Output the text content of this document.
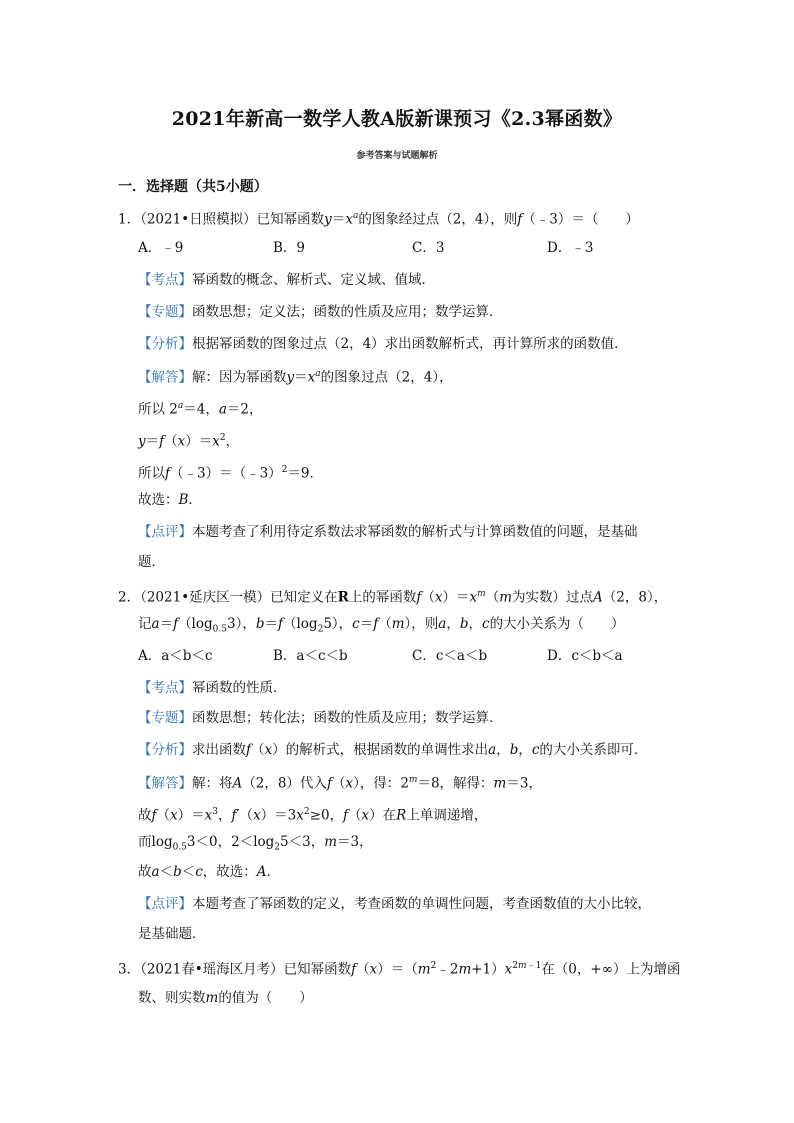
2021年新高一数学人教A版新课预习《2.3幂函数》
参考答案与试题解析
一．选择题（共5小题）
1．（2021•日照模拟）已知幂函数$y=x^a$的图象经过点（2，4），则f（﹣3）＝（　　）
A．﹣9	B．9	C．3	D．﹣3
【考点】幂函数的概念、解析式、定义域、值域．
【专题】函数思想；定义法；函数的性质及应用；数学运算．
【分析】根据幂函数的图象过点（2，4）求出函数解析式，再计算所求的函数值．
【解答】解：因为幂函数$y=x^a$的图象过点（2，4），
所以 $2^a=4$，a＝2，
$y=f(x)=x^2$，
所以f（﹣3）＝（﹣3）$^2$＝9．
故选：B．
【点评】本题考查了利用待定系数法求幂函数的解析式与计算函数值的问题，是基础
题．
2．（2021•延庆区一模）已知定义在R上的幂函数$f(x)=x^m(m$为实数）过点A（2，8），
记$a=f(\log_{0.5}3)$，$b=f(\log_25)$，c＝f（m），则a，b，c的大小关系为（　　）
A．a＜b＜c	B．a＜c＜b	C．c＜a＜b	D．c＜b＜a
【考点】幂函数的性质．
【专题】函数思想；转化法；函数的性质及应用；数学运算．
【分析】求出函数f（x）的解析式，根据函数的单调性求出a，b，c的大小关系即可．
【解答】解：将A（2，8）代入f（x），得：$2^m=8$，解得：m＝3，
故$f(x)=x^3$，$f'(x)=3x^2\ge 0$，f（x）在R上单调递增，
而$\log_{0.5}3<0$，$2<\log_25<3$，m＝3，
故a＜b＜c，故选：A．
【点评】本题考查了幂函数的定义，考查函数的单调性问题，考查函数值的大小比较，
是基础题．
3．（2021春•瑶海区月考）已知幂函数$f(x)=(m^2﹣2m+1)x^{2m﹣1}$在（0，+∞）上为增函
数、则实数m的值为（　　）
